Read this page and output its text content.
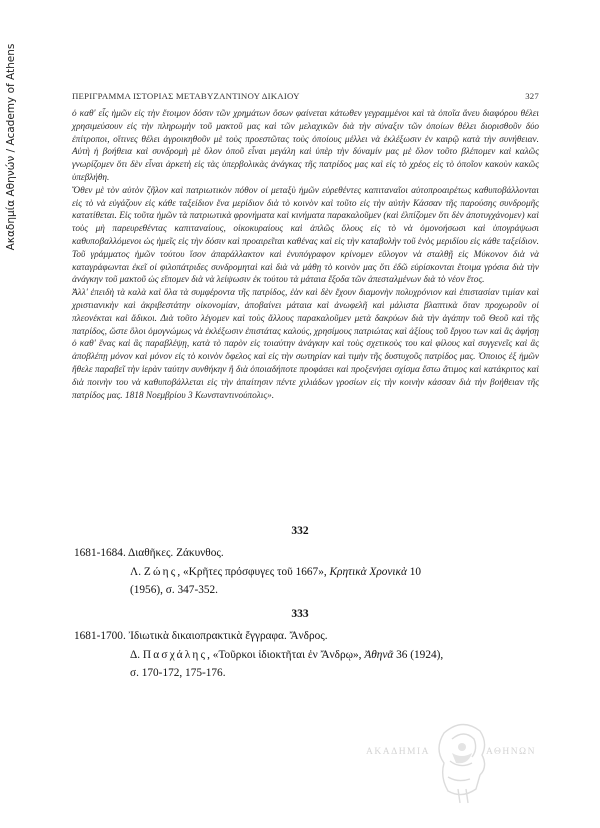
Ακαδημία Αθηνών / Academy of Athens	ΠΕΡΙΓΡΑΜΜΑ ΙΣΤΟΡΙΑΣ ΜΕΤΑΒΥΖΑΝΤΙΝΟΥ ΔΙΚΑΙΟΥ	327

ὁ καθ' εἷς ἡμῶν εἰς τὴν ἕτοιμον δόσιν τῶν χρημάτων ὅσων φαίνεται κάτωθεν γεγραμμένοι καὶ τὰ ὁποῖα ἄνευ διαφόρου θέλει χρησιμεύσουν εἰς τὴν πληρωμὴν τοῦ μακτοῦ μας καὶ τῶν μελαχικῶν διὰ τὴν σύναξιν τῶν ὁποίων θέλει διορισθοῦν δύο ἐπίτροποι, οἵτινες θέλει ἀγροικηθοῦν μὲ τοὺς προεστῶτας τοὺς ὁποίους μέλλει νὰ ἐκλέξωσιν ἐν καιρῷ κατὰ τὴν συνήθειαν. Αὐτὴ ἡ βοήθεια καὶ συνδρομὴ μὲ ὅλον ὁποῦ εἶναι μεγάλη καὶ ὑπὲρ τὴν δύναμίν μας μὲ ὅλον τοῦτο βλέπομεν καὶ καλῶς γνωρίζομεν ὅτι δὲν εἶναι ἀρκετὴ εἰς τὰς ὑπερβολικὰς ἀνάγκας τῆς πατρίδος μας καὶ εἰς τὸ χρέος εἰς τὸ ὁποῖον κακοὺν κακῶς ὑπεβλήθη.

Ὅθεν μὲ τὸν αὐτὸν ζῆλον καὶ πατριωτικὸν πόθον οἱ μεταξὺ ἡμῶν εὑρεθέντες καπιταναῖοι αὐτοπροαιρέτως καθυποβάλλονται εἰς τὸ νὰ εὐγάζουν εἰς κάθε ταξείδιον ἕνα μερίδιον διὰ τὸ κοινὸν καὶ τοῦτο εἰς τὴν αὐτὴν Κάσσαν τῆς παρούσης συνδρομῆς κατατίθεται. Εἰς τοῦτα ἡμῶν τὰ πατριωτικὰ φρονήματα καὶ κινήματα παρακαλοῦμεν (καὶ ἐλπίζομεν ὅτι δὲν ἀποτυγχάνομεν) καὶ τοὺς μὴ παρευρεθέντας καπιταναίους, οἰκοκυραίους καὶ ἁπλῶς ὅλους εἰς τὸ νὰ ὁμονοήσωσι καὶ ὑπογράψωσι καθυποβαλλόμενοι ὡς ἡμεῖς εἰς τὴν δόσιν καὶ προαιρεῖται καθένας καὶ εἰς τὴν καταβολὴν τοῦ ἑνὸς μεριδίου εἰς κάθε ταξείδιον. Τοῦ γράμματος ἡμῶν τούτου ἴσον ἀπαράλλακτον καὶ ἐνυπόγραφον κρίνομεν εὔλογον νὰ σταλθῇ εἰς Μύκονον διὰ νὰ καταγράφωνται ἐκεῖ οἱ φιλοπάτριδες συνδρομηταὶ καὶ διὰ νὰ μάθῃ τὸ κοινὸν μας ὅτι ἐδῶ εὑρίσκονται ἕτοιμα γρόσια διὰ τὴν ἀνάγκην τοῦ μακτοῦ ὡς εἴπομεν διὰ νὰ λείψωσιν ἐκ τούτου τὰ μάταια ἔξοδα τῶν ἀπεσταλμένων διὰ τὸ νέον ἔτος.

Ἀλλ' ἐπειδὴ τὰ καλὰ καὶ ὅλα τὰ συμφέροντα τῆς πατρίδος, ἐὰν καὶ δὲν ἔχουν διαμονὴν πολυχρόνιον καὶ ἐπιστασίαν τιμίαν καὶ χριστιανικὴν καὶ ἀκριβεστάτην οἰκονομίαν, ἀποβαίνει μάταια καὶ ἀνωφελῆ καὶ μάλιστα βλαπτικὰ ὅταν προχωροῦν οἱ πλεονέκται καὶ ἄδικοι. Διὰ τοῦτο λέγομεν καὶ τοὺς ἄλλους παρακαλοῦμεν μετὰ δακρύων διὰ τὴν ἀγάπην τοῦ Θεοῦ καὶ τῆς πατρίδος, ὥστε ὅλοι ὁμογνώμως νὰ ἐκλέξωσιν ἐπιστάτας καλούς, χρησίμους πατριώτας καὶ ἀξίους τοῦ ἔργου των καὶ ἂς ἀφήσῃ ὁ καθ' ἕνας καὶ ἂς παραβλέψῃ, κατὰ τὸ παρὸν εἰς τοιαύτην ἀνάγκην καὶ τοὺς σχετικοὺς του καὶ φίλους καὶ συγγενεῖς καὶ ἂς ἀποβλέπῃ μόνον καὶ μόνον εἰς τὸ κοινὸν ὄφελος καὶ εἰς τὴν σωτηρίαν καὶ τιμὴν τῆς δυστυχοῦς πατρίδος μας. Ὁποιος ἐξ ἡμῶν ἤθελε παραβεῖ τὴν ἱερὰν ταύτην συνθήκην ἢ διὰ ὁποιαδήποτε προφάσει καὶ προξενήσει σχίσμα ἔστω ἄτιμος καὶ κατάκριτος καὶ διὰ ποινὴν του νὰ καθυποβάλλεται εἰς τὴν ἀπαίτησιν πέντε χιλιάδων γροσίων εἰς τὴν κοινὴν κάσσαν διὰ τὴν βοήθειαν τῆς πατρίδος μας. 1818 Νοεμβρίου 3 Κωνσταντινούπολις».

332
1681-1684. Διαθῆκες. Ζάκυνθος.
Λ. Ζώης, «Κρῆτες πρόσφυγες τοῦ 1667», Κρητικὰ Χρονικὰ 10
(1956), σ. 347-352.
333
1681-1700. Ἰδιωτικὰ δικαιοπρακτικὰ ἔγγραφα. Ἄνδρος.
Δ. Πασχάλης, «Τοῦρκοι ἰδιοκτῆται ἐν Ἄνδρῳ», Ἀθηνᾶ 36 (1924),
σ. 170-172, 175-176.
ΑΚΑΔΗΜΙΑ	ΑΘΗΝΩΝ
